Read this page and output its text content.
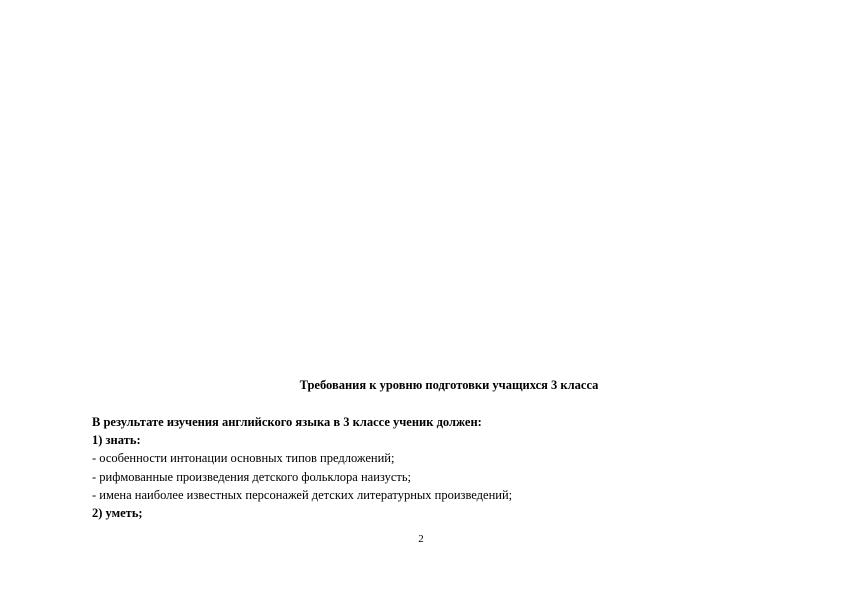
Требования к уровню подготовки учащихся 3 класса
В результате изучения английского языка в 3 классе ученик должен:
1) знать:
- особенности интонации основных типов предложений;
- рифмованные произведения детского фольклора наизусть;
- имена наиболее известных персонажей детских литературных произведений;
2) уметь;
2
